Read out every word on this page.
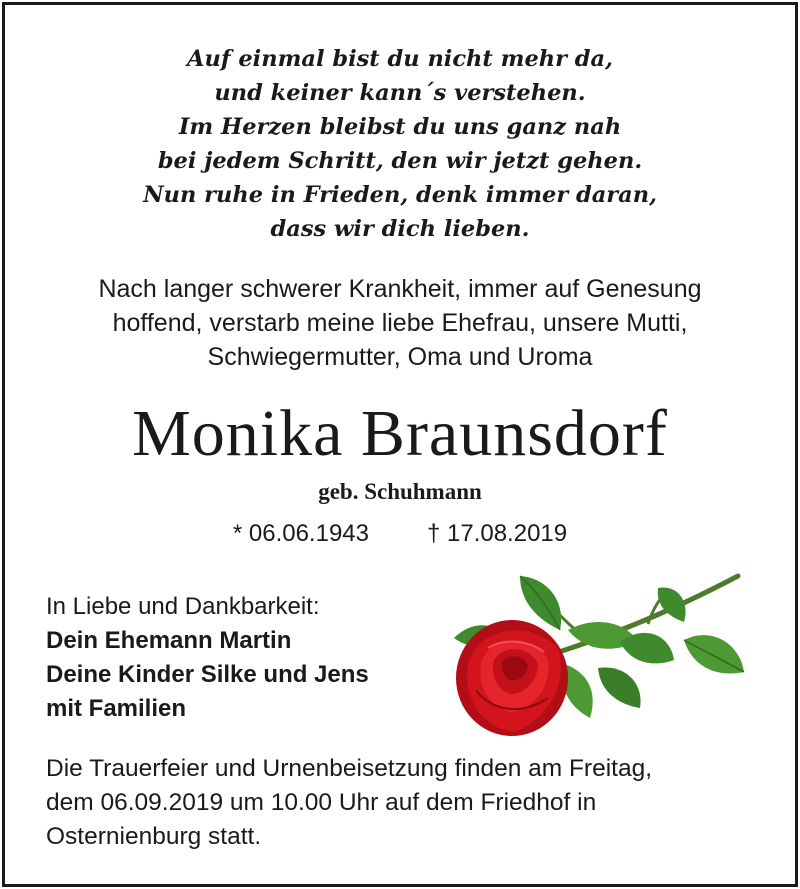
Auf einmal bist du nicht mehr da,
und keiner kann´s verstehen.
Im Herzen bleibst du uns ganz nah
bei jedem Schritt, den wir jetzt gehen.
Nun ruhe in Frieden, denk immer daran,
dass wir dich lieben.
Nach langer schwerer Krankheit, immer auf Genesung
hoffend, verstarb meine liebe Ehefrau, unsere Mutti,
Schwiegermutter, Oma und Uroma
Monika Braunsdorf
geb. Schuhmann
* 06.06.1943 † 17.08.2019
In Liebe und Dankbarkeit:
Dein Ehemann Martin
Deine Kinder Silke und Jens
mit Familien
Die Trauerfeier und Urnenbeisetzung finden am Freitag,
dem 06.09.2019 um 10.00 Uhr auf dem Friedhof in
Osternienburg statt.
